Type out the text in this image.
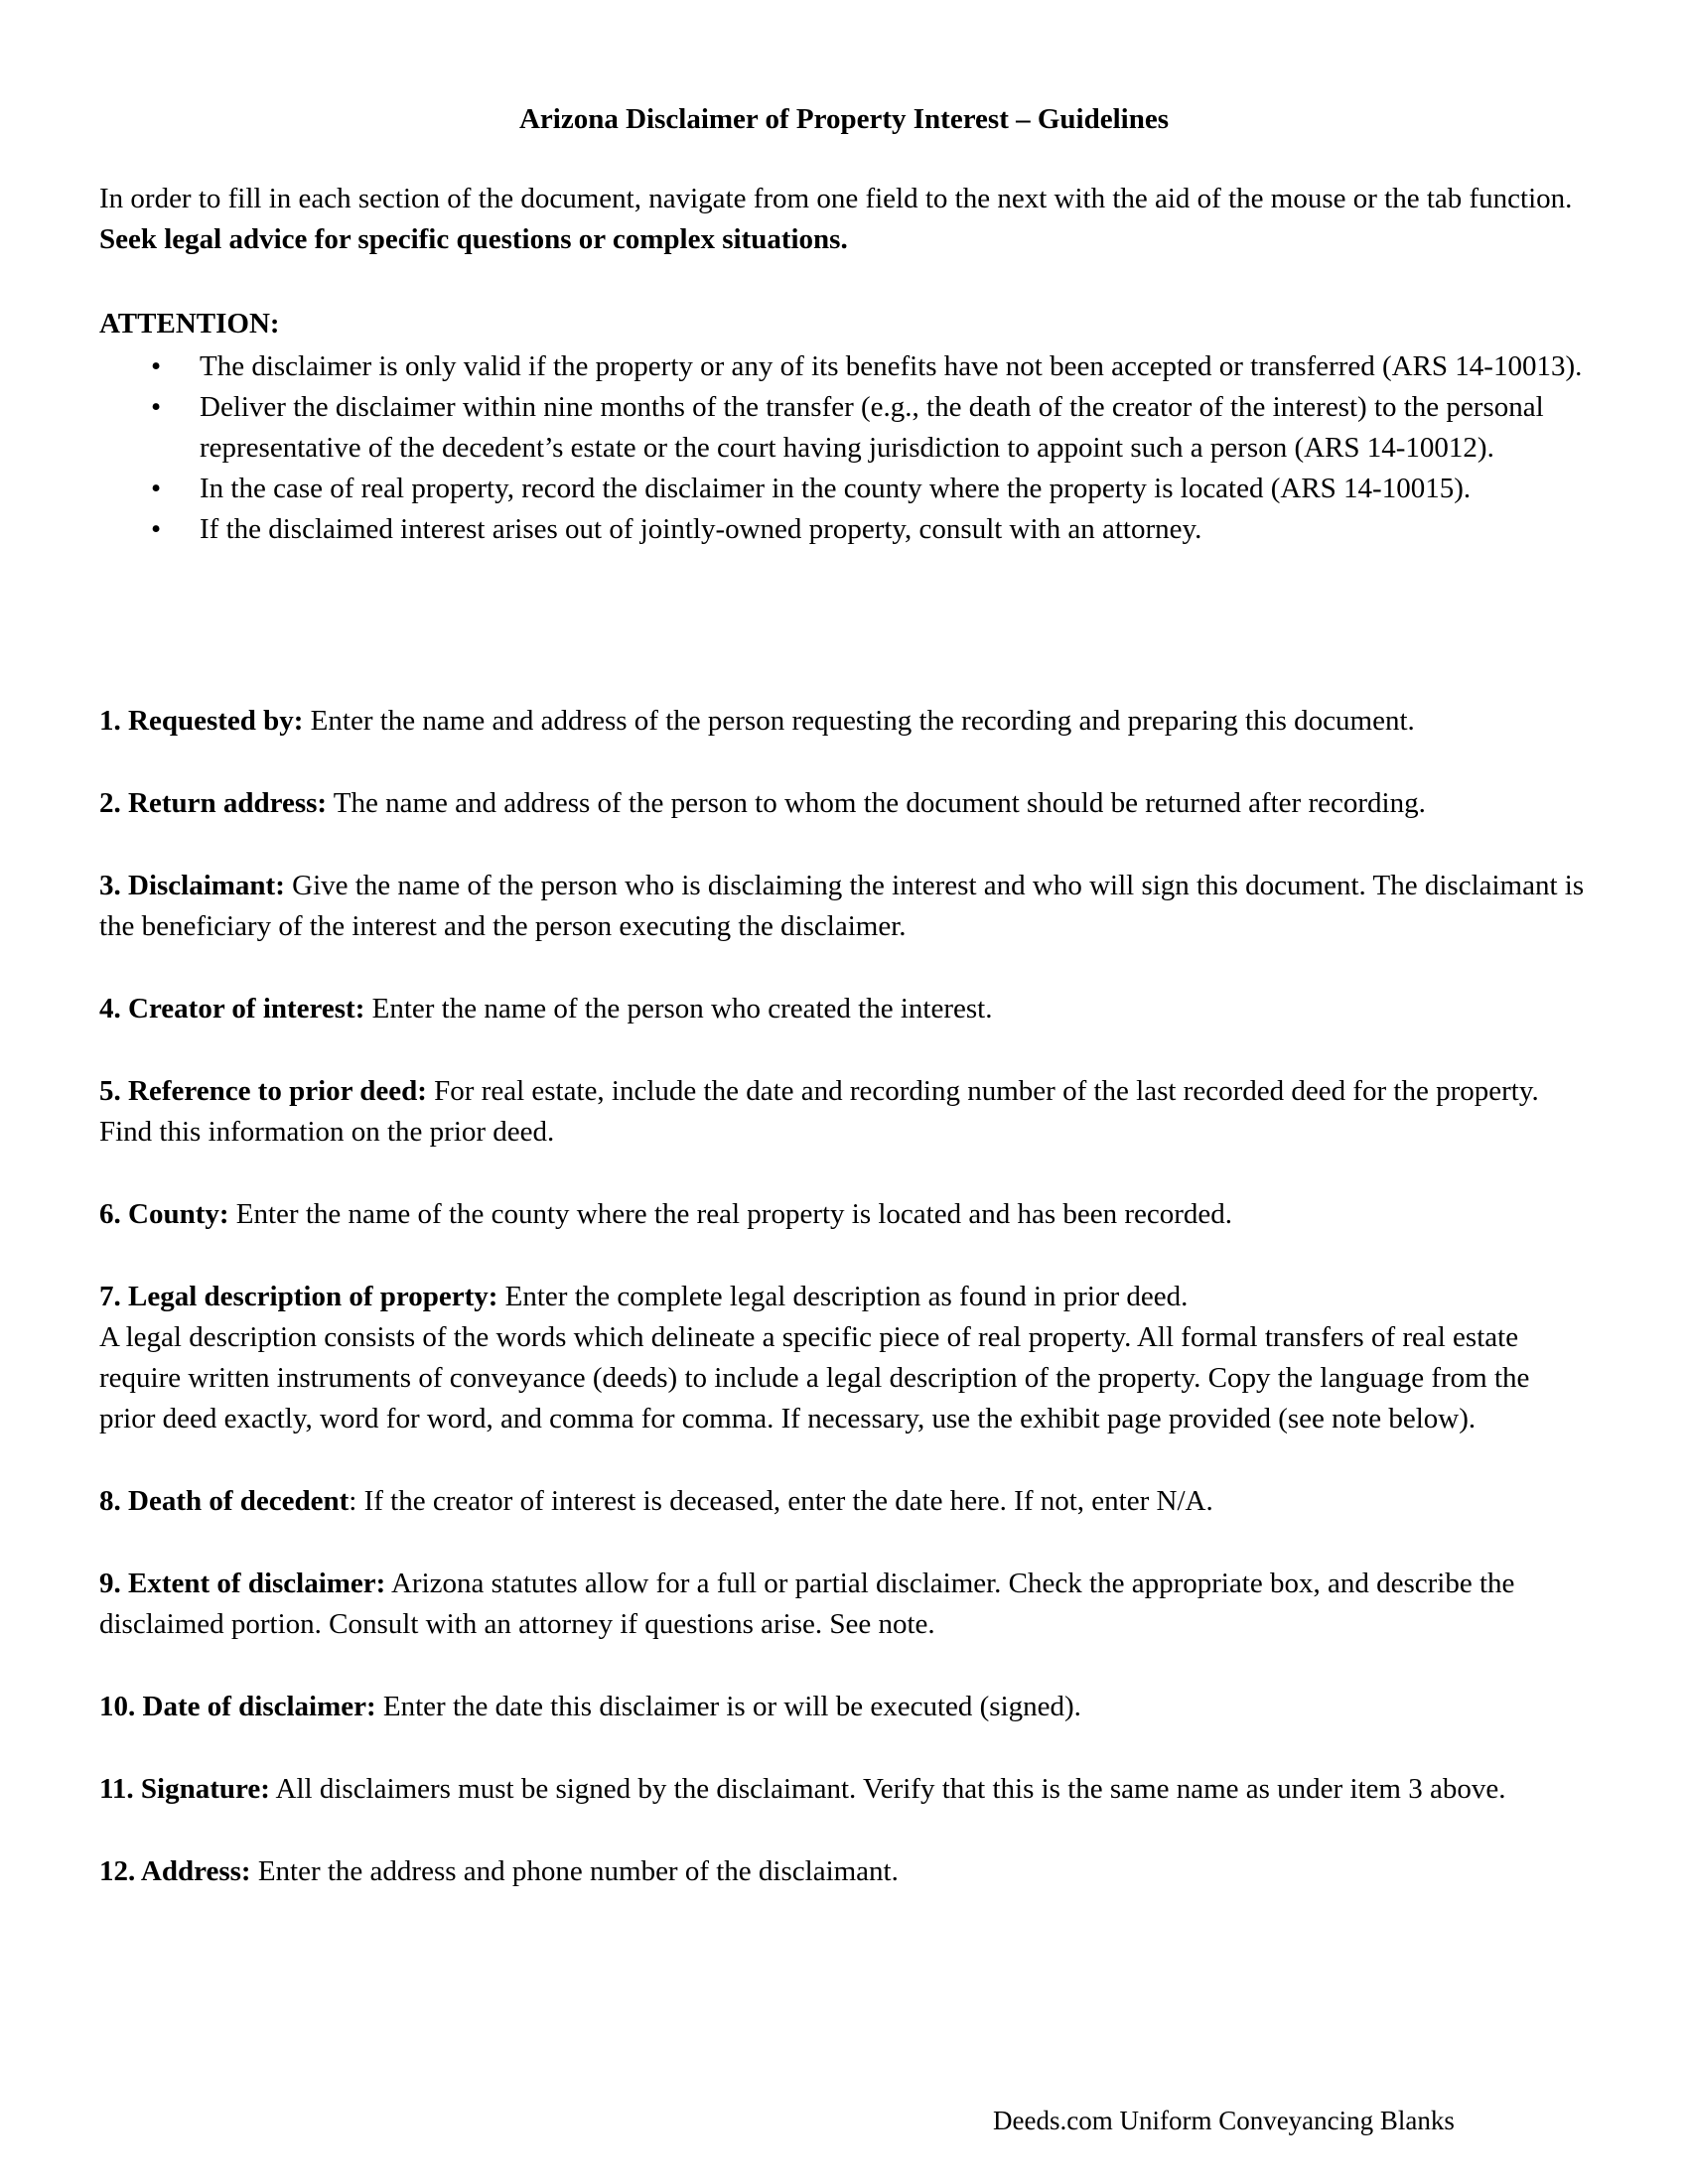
Arizona Disclaimer of Property Interest – Guidelines

In order to fill in each section of the document, navigate from one field to the next with the aid of the mouse or the tab function. Seek legal advice for specific questions or complex situations.

ATTENTION:

•	The disclaimer is only valid if the property or any of its benefits have not been accepted or transferred (ARS 14-10013).
•	Deliver the disclaimer within nine months of the transfer (e.g., the death of the creator of the interest) to the personal representative of the decedent’s estate or the court having jurisdiction to appoint such a person (ARS 14-10012).
•	In the case of real property, record the disclaimer in the county where the property is located (ARS 14-10015).
•	If the disclaimed interest arises out of jointly-owned property, consult with an attorney.

1. Requested by: Enter the name and address of the person requesting the recording and preparing this document.

2. Return address: The name and address of the person to whom the document should be returned after recording.

3. Disclaimant: Give the name of the person who is disclaiming the interest and who will sign this document. The disclaimant is the beneficiary of the interest and the person executing the disclaimer.

4. Creator of interest: Enter the name of the person who created the interest.

5. Reference to prior deed: For real estate, include the date and recording number of the last recorded deed for the property. Find this information on the prior deed.

6. County: Enter the name of the county where the real property is located and has been recorded.

7. Legal description of property: Enter the complete legal description as found in prior deed.
A legal description consists of the words which delineate a specific piece of real property. All formal transfers of real estate require written instruments of conveyance (deeds) to include a legal description of the property. Copy the language from the prior deed exactly, word for word, and comma for comma. If necessary, use the exhibit page provided (see note below).

8. Death of decedent: If the creator of interest is deceased, enter the date here. If not, enter N/A.

9. Extent of disclaimer: Arizona statutes allow for a full or partial disclaimer. Check the appropriate box, and describe the disclaimed portion. Consult with an attorney if questions arise. See note.

10. Date of disclaimer: Enter the date this disclaimer is or will be executed (signed).

11. Signature: All disclaimers must be signed by the disclaimant. Verify that this is the same name as under item 3 above.

12. Address: Enter the address and phone number of the disclaimant.

Deeds.com Uniform Conveyancing Blanks
